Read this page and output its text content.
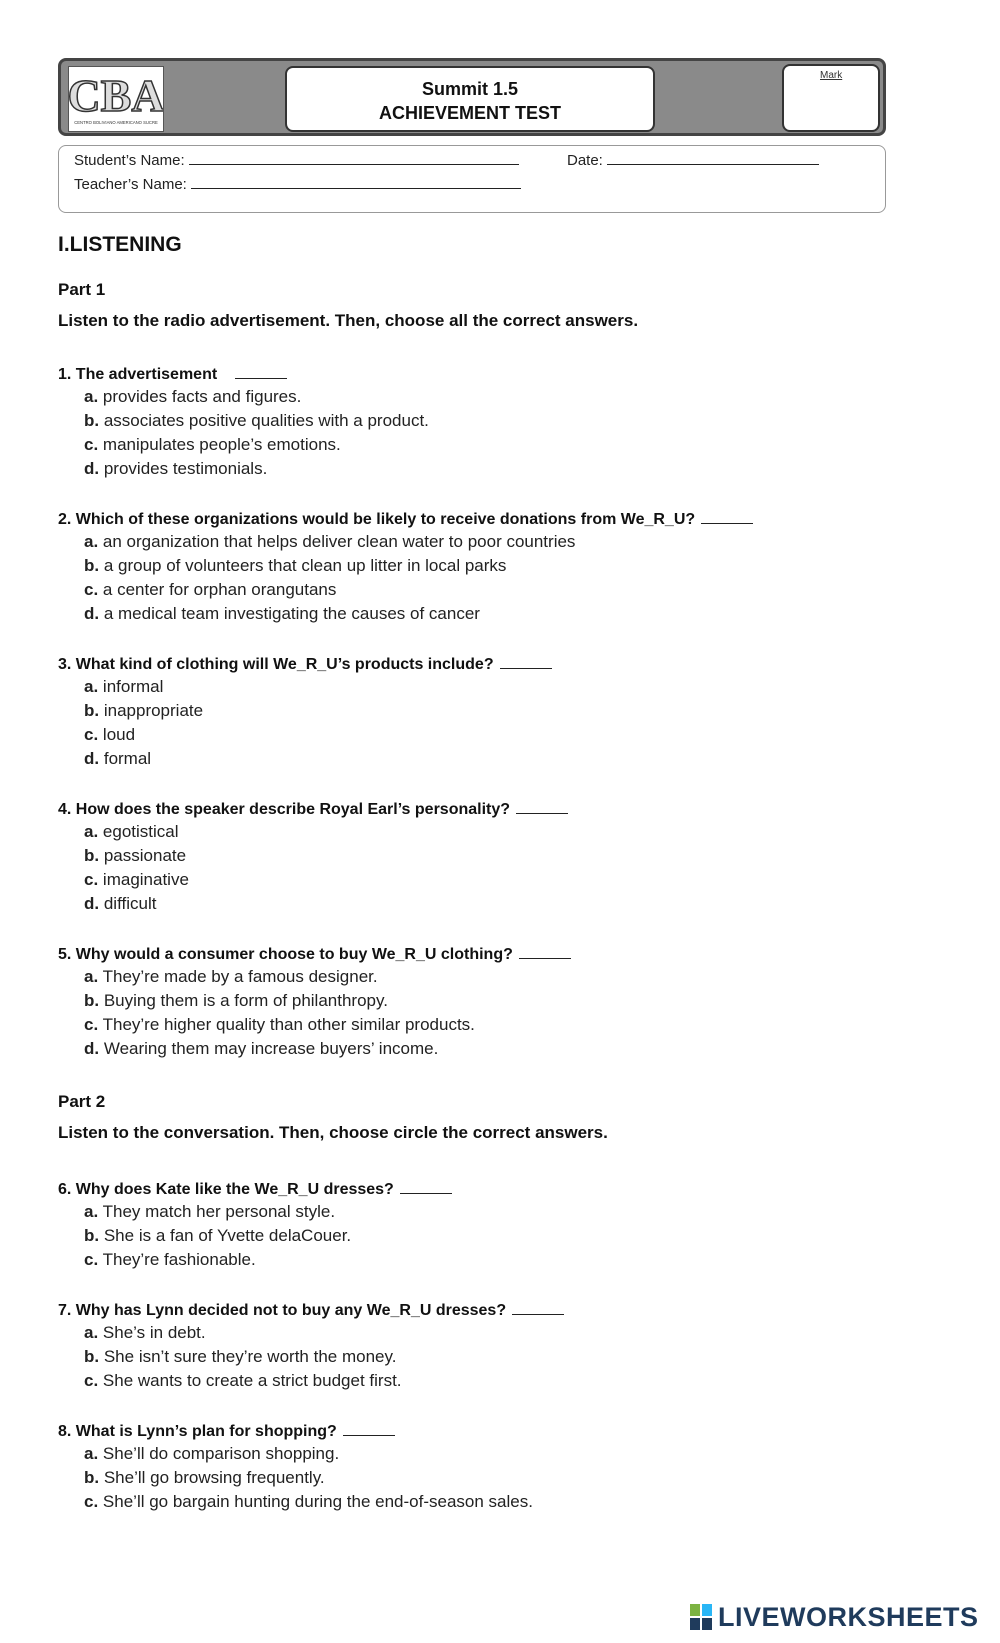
CBA
CENTRO BOLIVIANO AMERICANO SUCRE
Summit 1.5
ACHIEVEMENT TEST
Mark
Student’s Name:	Date:
Teacher’s Name:
I.LISTENING
Part 1
Listen to the radio advertisement. Then, choose all the correct answers.
1. The advertisement
a. provides facts and figures.
b. associates positive qualities with a product.
c. manipulates people’s emotions.
d. provides testimonials.
2. Which of these organizations would be likely to receive donations from We_R_U?
a. an organization that helps deliver clean water to poor countries
b. a group of volunteers that clean up litter in local parks
c. a center for orphan orangutans
d. a medical team investigating the causes of cancer
3. What kind of clothing will We_R_U’s products include?
a. informal
b. inappropriate
c. loud
d. formal
4. How does the speaker describe Royal Earl’s personality?
a. egotistical
b. passionate
c. imaginative
d. difficult
5. Why would a consumer choose to buy We_R_U clothing?
a. They’re made by a famous designer.
b. Buying them is a form of philanthropy.
c. They’re higher quality than other similar products.
d. Wearing them may increase buyers’ income.
Part 2
Listen to the conversation. Then, choose circle the correct answers.
6. Why does Kate like the We_R_U dresses?
a. They match her personal style.
b. She is a fan of Yvette delaCouer.
c. They’re fashionable.
7. Why has Lynn decided not to buy any We_R_U dresses?
a. She’s in debt.
b. She isn’t sure they’re worth the money.
c. She wants to create a strict budget first.
8. What is Lynn’s plan for shopping?
a. She’ll do comparison shopping.
b. She’ll go browsing frequently.
c. She’ll go bargain hunting during the end-of-season sales.
LIVEWORKSHEETS
